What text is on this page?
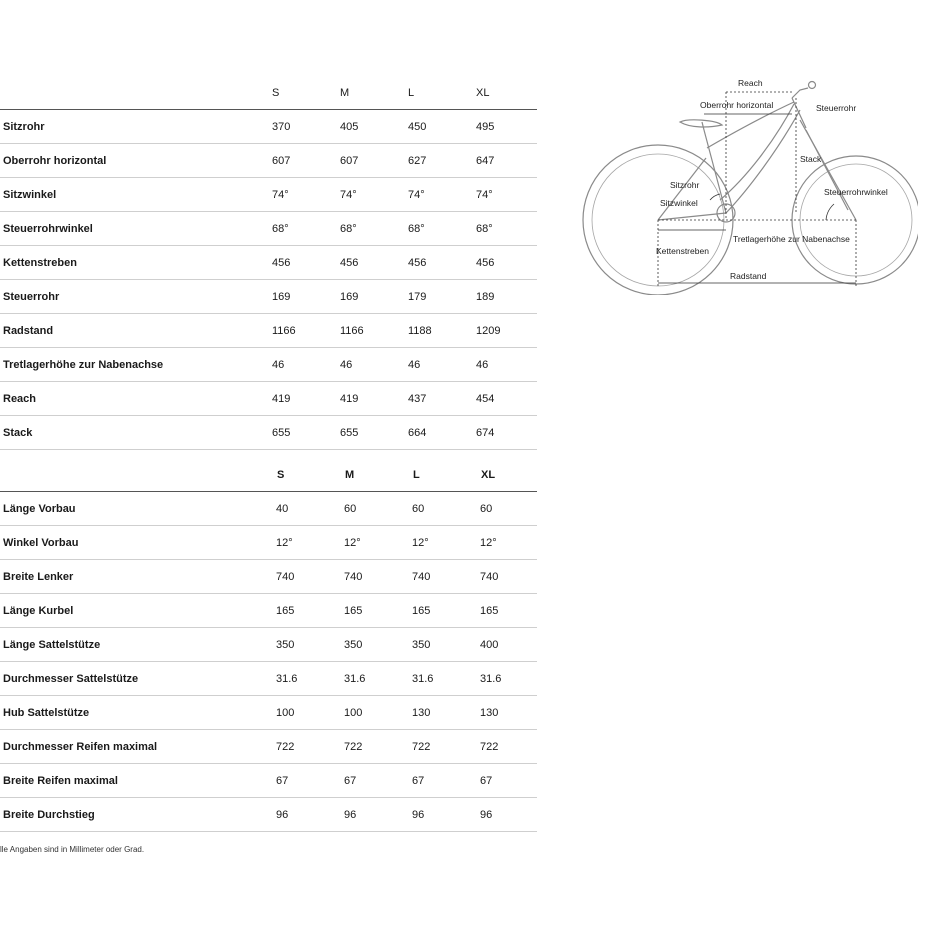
	S	M	L	XL
Sitzrohr	370	405	450	495
Oberrohr horizontal	607	607	627	647
Sitzwinkel	74°	74°	74°	74°
Steuerrohrwinkel	68°	68°	68°	68°
Kettenstreben	456	456	456	456
Steuerrohr	169	169	179	189
Radstand	1166	1166	1188	1209
Tretlagerhöhe zur Nabenachse	46	46	46	46
Reach	419	419	437	454
Stack	655	655	664	674
	S	M	L	XL
Länge Vorbau	40	60	60	60
Winkel Vorbau	12°	12°	12°	12°
Breite Lenker	740	740	740	740
Länge Kurbel	165	165	165	165
Länge Sattelstütze	350	350	350	400
Durchmesser Sattelstütze	31.6	31.6	31.6	31.6
Hub Sattelstütze	100	100	130	130
Durchmesser Reifen maximal	722	722	722	722
Breite Reifen maximal	67	67	67	67
Breite Durchstieg	96	96	96	96
lle Angaben sind in Millimeter oder Grad.
Reach
Oberrohr horizontal	Steuerrohr
Stack
Sitzrohr
Sitzwinkel
Steuerrohrwinkel
Tretlagerhöhe zur Nabenachse
Kettenstreben
Radstand
